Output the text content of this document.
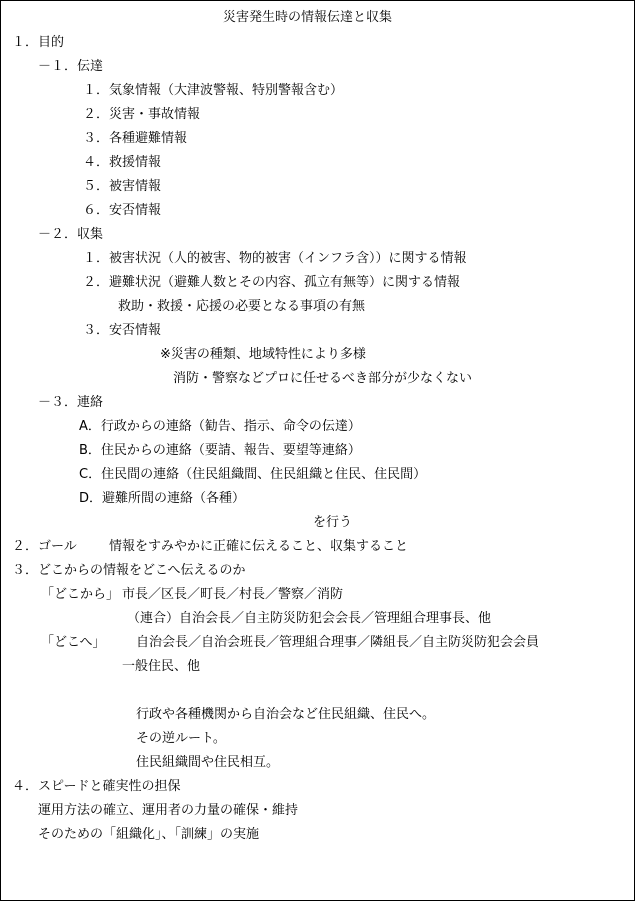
災害発生時の情報伝達と収集
１．目的
－１．伝達
１．気象情報（大津波警報、特別警報含む）
２．災害・事故情報
３．各種避難情報
４．救援情報
５．被害情報
６．安否情報
－２．収集
１．被害状況（人的被害、物的被害（インフラ含））に関する情報
２．避難状況（避難人数とその内容、孤立有無等）に関する情報
救助・救援・応援の必要となる事項の有無
３．安否情報
※災害の種類、地域特性により多様
消防・警察などプロに任せるべき部分が少なくない
－３．連絡
A．行政からの連絡（勧告、指示、命令の伝達）
B．住民からの連絡（要請、報告、要望等連絡）
C．住民間の連絡（住民組織間、住民組織と住民、住民間）
D．避難所間の連絡（各種）
を行う
２．ゴール 情報をすみやかに正確に伝えること、収集すること
３．どこからの情報をどこへ伝えるのか
「どこから」 市長／区長／町長／村長／警察／消防
（連合）自治会長／自主防災防犯会会長／管理組合理事長、他
「どこへ」 自治会長／自治会班長／管理組合理事／隣組長／自主防災防犯会会員
一般住民、他
行政や各種機関から自治会など住民組織、住民へ。
その逆ルート。
住民組織間や住民相互。
４．スピードと確実性の担保
運用方法の確立、運用者の力量の確保・維持
そのための「組織化」、「訓練」の実施
